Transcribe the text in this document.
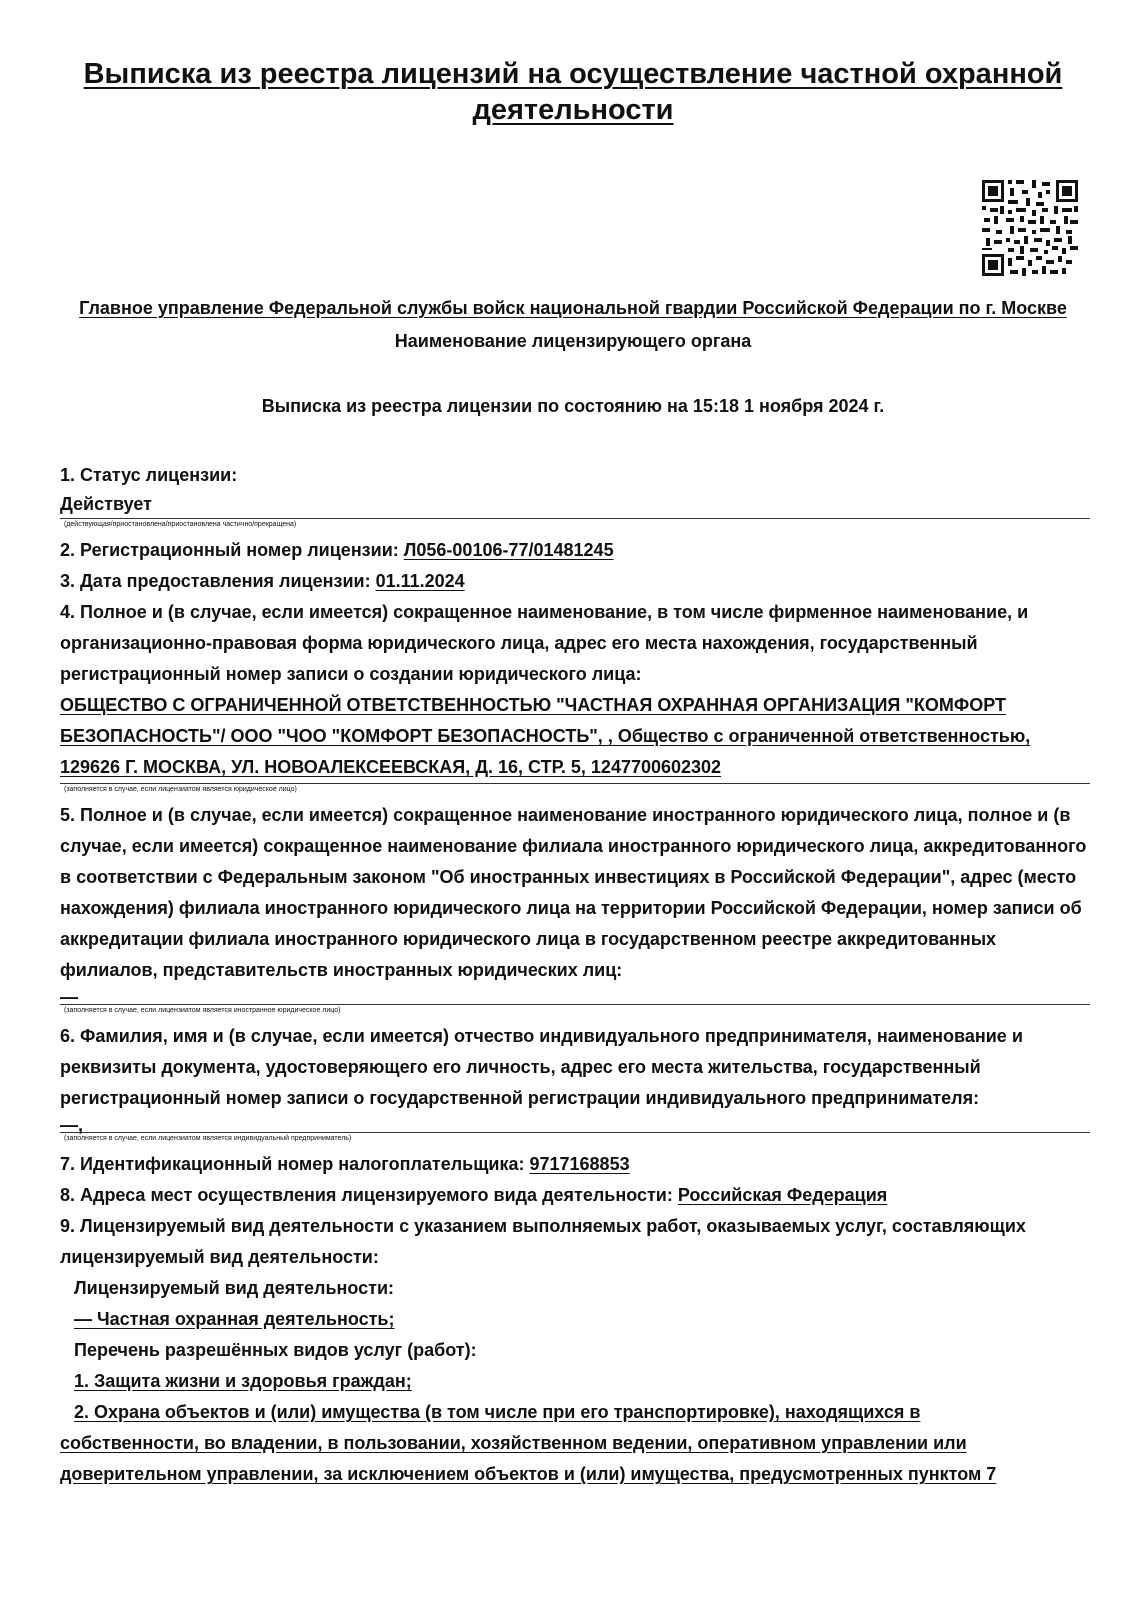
Выписка из реестра лицензий на осуществление частной охранной деятельности
Главное управление Федеральной службы войск национальной гвардии Российской Федерации по г. Москве
Наименование лицензирующего органа
Выписка из реестра лицензии по состоянию на 15:18 1 ноября 2024 г.

1. Статус лицензии:

Действует
(действующая/приостановлена/приостановлена частично/прекращена)

2. Регистрационный номер лицензии: Л056-00106-77/01481245

3. Дата предоставления лицензии: 01.11.2024

4. Полное и (в случае, если имеется) сокращенное наименование, в том числе фирменное наименование, и организационно-правовая форма юридического лица, адрес его места нахождения, государственный регистрационный номер записи о создании юридического лица:

ОБЩЕСТВО С ОГРАНИЧЕННОЙ ОТВЕТСТВЕННОСТЬЮ "ЧАСТНАЯ ОХРАННАЯ ОРГАНИЗАЦИЯ "КОМФОРТ БЕЗОПАСНОСТЬ"/ ООО "ЧОО "КОМФОРТ БЕЗОПАСНОСТЬ", , Общество с ограниченной ответственностью, 129626 Г. МОСКВА, УЛ. НОВОАЛЕКСЕЕВСКАЯ, Д. 16, СТР. 5, 1247700602302

(заполняется в случае, если лицензиатом является юридическое лицо)

5. Полное и (в случае, если имеется) сокращенное наименование иностранного юридического лица, полное и (в случае, если имеется) сокращенное наименование филиала иностранного юридического лица, аккредитованного в соответствии с Федеральным законом "Об иностранных инвестициях в Российской Федерации", адрес (место нахождения) филиала иностранного юридического лица на территории Российской Федерации, номер записи об аккредитации филиала иностранного юридического лица в государственном реестре аккредитованных филиалов, представительств иностранных юридических лиц:

—
(заполняется в случае, если лицензиатом является иностранное юридическое лицо)

6. Фамилия, имя и (в случае, если имеется) отчество индивидуального предпринимателя, наименование и реквизиты документа, удостоверяющего его личность, адрес его места жительства, государственный регистрационный номер записи о государственной регистрации индивидуального предпринимателя:

—,
(заполняется в случае, если лицензиатом является индивидуальный предприниматель)

7. Идентификационный номер налогоплательщика: 9717168853

8. Адреса мест осуществления лицензируемого вида деятельности: Российская Федерация

9. Лицензируемый вид деятельности с указанием выполняемых работ, оказываемых услуг, составляющих лицензируемый вид деятельности:

Лицензируемый вид деятельности:

— Частная охранная деятельность;

Перечень разрешённых видов услуг (работ):

1. Защита жизни и здоровья граждан;

2. Охрана объектов и (или) имущества (в том числе при его транспортировке), находящихся в

собственности, во владении, в пользовании, хозяйственном ведении, оперативном управлении или доверительном управлении, за исключением объектов и (или) имущества, предусмотренных пунктом 7
